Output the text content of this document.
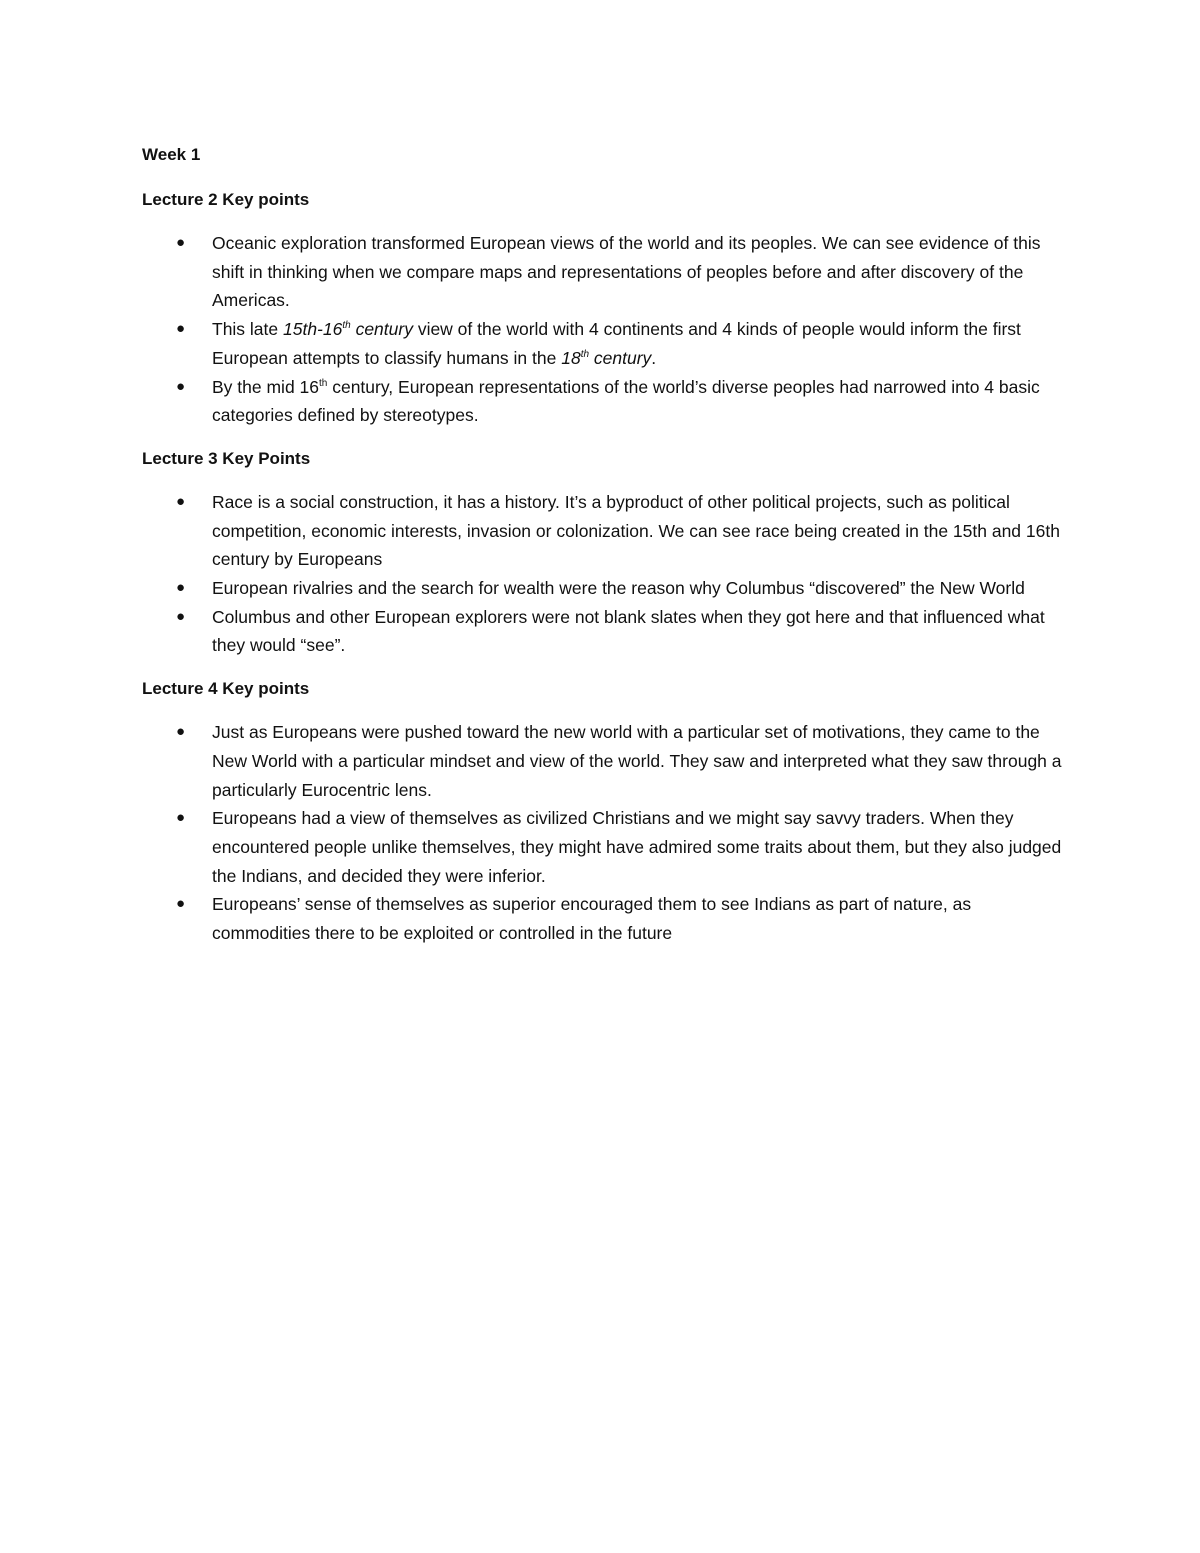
Week 1

Lecture 2 Key points

● Oceanic exploration transformed European views of the world and its peoples. We can see evidence of this shift in thinking when we compare maps and representations of peoples before and after discovery of the Americas.
● This late 15th-16th century view of the world with 4 continents and 4 kinds of people would inform the first European attempts to classify humans in the 18th century.
● By the mid 16th century, European representations of the world’s diverse peoples had narrowed into 4 basic categories defined by stereotypes.

Lecture 3 Key Points

● Race is a social construction, it has a history. It’s a byproduct of other political projects, such as political competition, economic interests, invasion or colonization. We can see race being created in the 15th and 16th century by Europeans
● European rivalries and the search for wealth were the reason why Columbus “discovered” the New World
● Columbus and other European explorers were not blank slates when they got here and that influenced what they would “see”.

Lecture 4 Key points

● Just as Europeans were pushed toward the new world with a particular set of motivations, they came to the New World with a particular mindset and view of the world. They saw and interpreted what they saw through a particularly Eurocentric lens.
● Europeans had a view of themselves as civilized Christians and we might say savvy traders. When they encountered people unlike themselves, they might have admired some traits about them, but they also judged the Indians, and decided they were inferior.
● Europeans’ sense of themselves as superior encouraged them to see Indians as part of nature, as commodities there to be exploited or controlled in the future
